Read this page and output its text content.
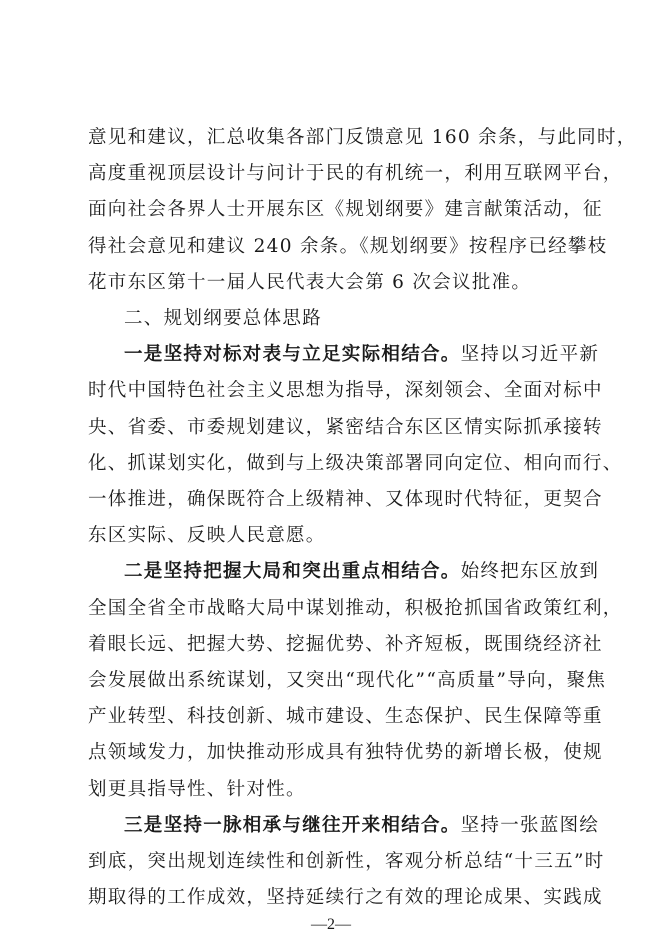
意见和建议，汇总收集各部门反馈意见 160 余条，与此同时，
高度重视顶层设计与问计于民的有机统一，利用互联网平台，
面向社会各界人士开展东区《规划纲要》建言献策活动，征
得社会意见和建议 240 余条。《规划纲要》按程序已经攀枝
花市东区第十一届人民代表大会第 6 次会议批准。
二、规划纲要总体思路
一是坚持对标对表与立足实际相结合。坚持以习近平新
时代中国特色社会主义思想为指导，深刻领会、全面对标中
央、省委、市委规划建议，紧密结合东区区情实际抓承接转
化、抓谋划实化，做到与上级决策部署同向定位、相向而行、
一体推进，确保既符合上级精神、又体现时代特征，更契合
东区实际、反映人民意愿。
二是坚持把握大局和突出重点相结合。始终把东区放到
全国全省全市战略大局中谋划推动，积极抢抓国省政策红利，
着眼长远、把握大势、挖掘优势、补齐短板，既围绕经济社
会发展做出系统谋划，又突出“现代化”“高质量”导向，聚焦
产业转型、科技创新、城市建设、生态保护、民生保障等重
点领域发力，加快推动形成具有独特优势的新增长极，使规
划更具指导性、针对性。
三是坚持一脉相承与继往开来相结合。坚持一张蓝图绘
到底，突出规划连续性和创新性，客观分析总结“十三五”时
期取得的工作成效，坚持延续行之有效的理论成果、实践成
—2—
